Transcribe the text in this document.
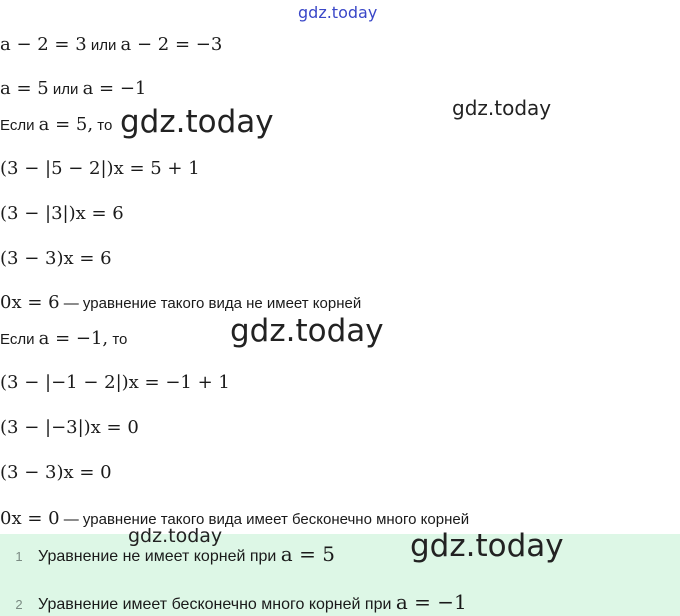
gdz.today
gdz.today
gdz.today
gdz.today
a − 2 = 3 или a − 2 = −3
a = 5 или a = −1
Если a = 5, то
(3 − |5 − 2|)x = 5 + 1
(3 − |3|)x = 6
(3 − 3)x = 6
0x = 6 — уравнение такого вида не имеет корней
Если a = −1, то
(3 − |−1 − 2|)x = −1 + 1
(3 − |−3|)x = 0
(3 − 3)x = 0
0x = 0 — уравнение такого вида имеет бесконечно много корней
1 Уравнение не имеет корней при a = 5
2 Уравнение имеет бесконечно много корней при a = −1
gdz.today	gdz.today
